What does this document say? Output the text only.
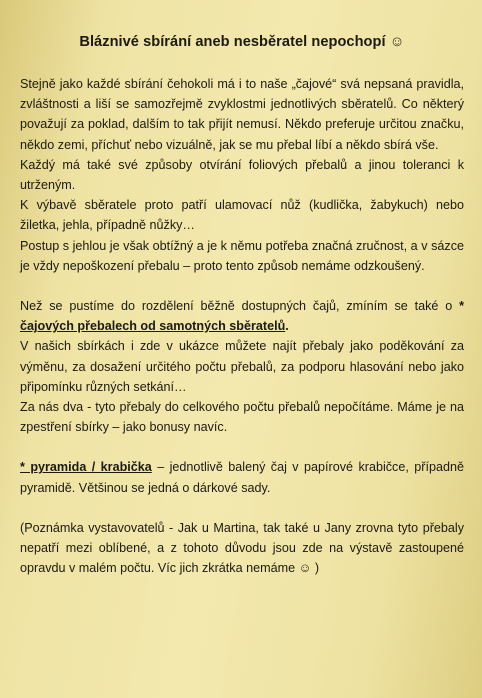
Bláznivé sbírání aneb nesběratel nepochopí ☺

Stejně jako každé sbírání čehokoli má i to naše „čajové“ svá nepsaná pravidla, zvláštnosti a liší se samozřejmě zvyklostmi jednotlivých sběratelů. Co některý považují za poklad, dalším to tak přijít nemusí. Někdo preferuje určitou značku, někdo zemi, příchuť nebo vizuálně, jak se mu přebal líbí a někdo sbírá vše.

Každý má také své způsoby otvírání foliových přebalů a jinou toleranci k utrženým.

K výbavě sběratele proto patří ulamovací nůž (kudlička, žabykuch) nebo žiletka, jehla, případně nůžky…

Postup s jehlou je však obtížný a je k němu potřeba značná zručnost, a v sázce je vždy nepoškození přebalu – proto tento způsob nemáme odzkoušený.

Než se pustíme do rozdělení běžně dostupných čajů, zmíním se také o * čajových přebalech od samotných sběratelů.

V našich sbírkách i zde v ukázce můžete najít přebaly jako poděkování za výměnu, za dosažení určitého počtu přebalů, za podporu hlasování nebo jako připomínku různých setkání…

Za nás dva - tyto přebaly do celkového počtu přebalů nepočítáme. Máme je na zpestření sbírky – jako bonusy navíc.

* pyramida / krabička – jednotlivě balený čaj v papírové krabičce, případně pyramidě. Většinou se jedná o dárkové sady.

(Poznámka vystavovatelů - Jak u Martina, tak také u Jany zrovna tyto přebaly nepatří mezi oblíbené, a z tohoto důvodu jsou zde na výstavě zastoupené opravdu v malém počtu. Víc jich zkrátka nemáme ☺ )
